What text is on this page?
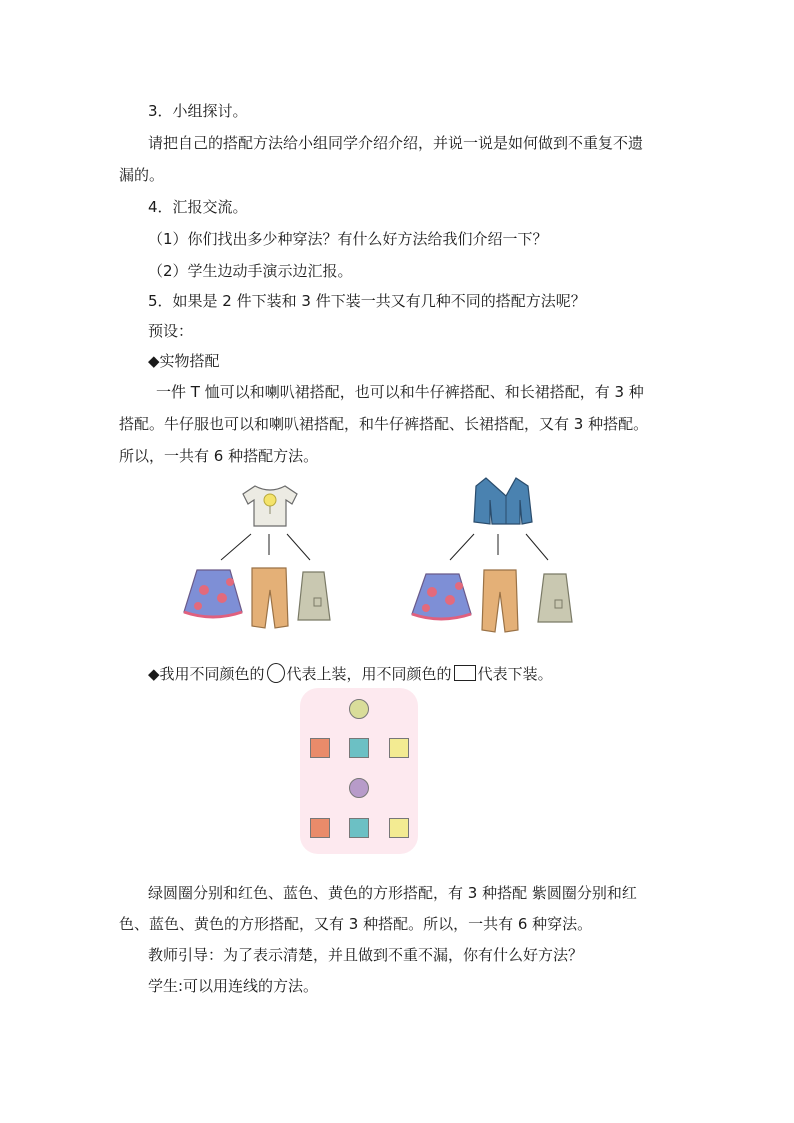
3．小组探讨。
请把自己的搭配方法给小组同学介绍介绍，并说一说是如何做到不重复不遗
漏的。
4．汇报交流。
（1）你们找出多少种穿法？有什么好方法给我们介绍一下？
（2）学生边动手演示边汇报。
5．如果是 2 件下装和 3 件下装一共又有几种不同的搭配方法呢？
预设：
◆实物搭配
一件 T 恤可以和喇叭裙搭配，也可以和牛仔裤搭配、和长裙搭配，有 3 种
搭配。牛仔服也可以和喇叭裙搭配，和牛仔裤搭配、长裙搭配，又有 3 种搭配。
所以，一共有 6 种搭配方法。
◆我用不同颜色的 代表上装，用不同颜色的 代表下装。
绿圆圈分别和红色、蓝色、黄色的方形搭配，有 3 种搭配 紫圆圈分别和红
色、蓝色、黄色的方形搭配，又有 3 种搭配。所以，一共有 6 种穿法。
教师引导：为了表示清楚，并且做到不重不漏，你有什么好方法？
学生:可以用连线的方法。
